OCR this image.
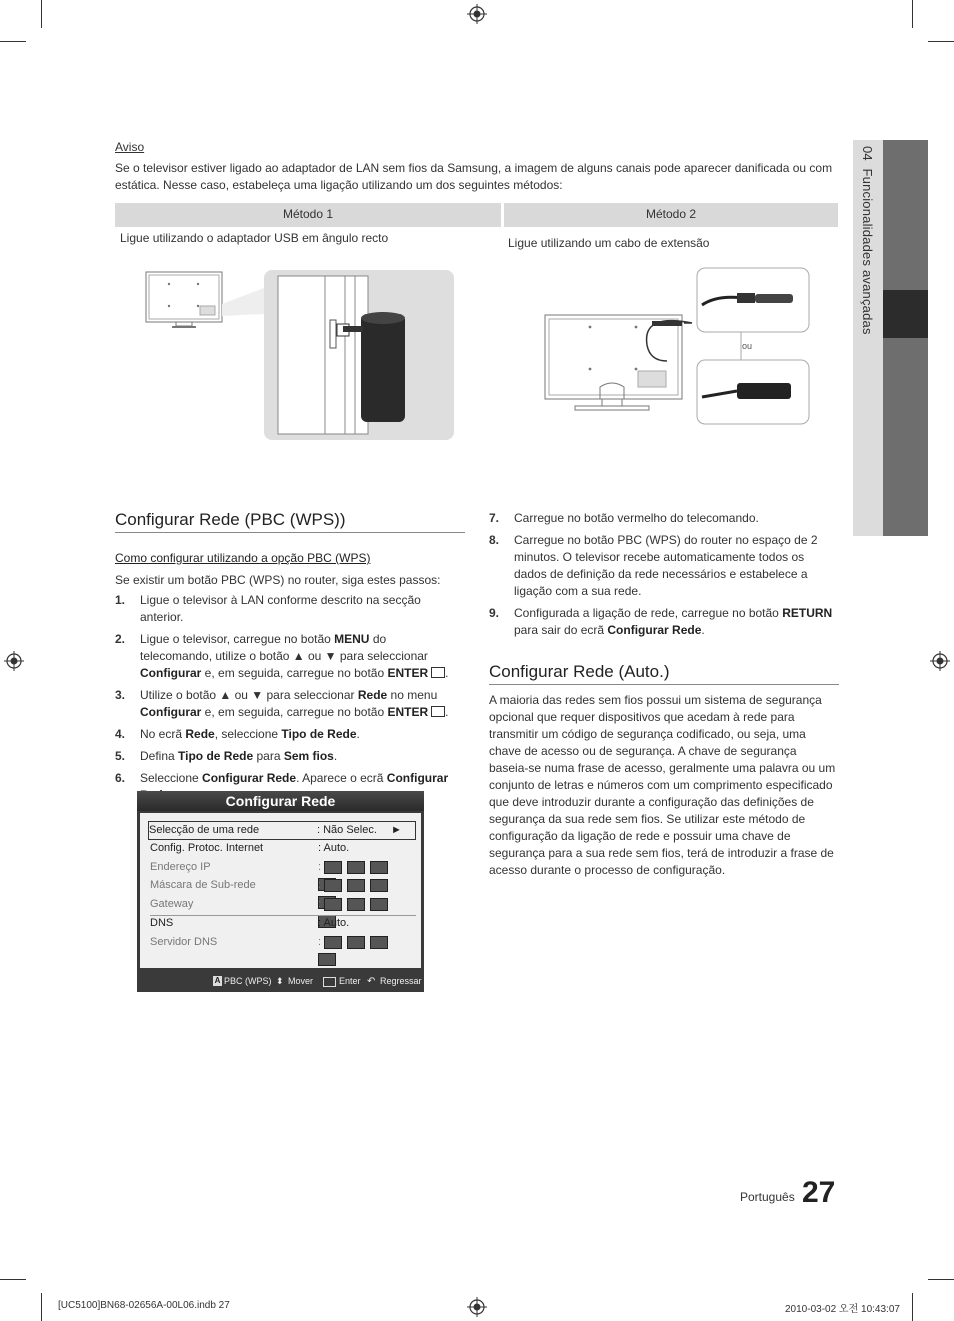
04  Funcionalidades avançadas
Aviso
Se o televisor estiver ligado ao adaptador de LAN sem fios da Samsung, a imagem de alguns canais pode aparecer danificada ou com estática. Nesse caso, estabeleça uma ligação utilizando um dos seguintes métodos:
Método 1	Método 2
Ligue utilizando o adaptador USB em ângulo recto	Ligue utilizando um cabo de extensão
ou
Configurar Rede (PBC (WPS))
Como configurar utilizando a opção PBC (WPS)
Se existir um botão PBC (WPS) no router, siga estes passos:
1. Ligue o televisor à LAN conforme descrito na secção anterior.
2. Ligue o televisor, carregue no botão MENU do telecomando, utilize o botão ▲ ou ▼ para seleccionar Configurar e, em seguida, carregue no botão ENTER .
3. Utilize o botão ▲ ou ▼ para seleccionar Rede no menu Configurar e, em seguida, carregue no botão ENTER .
4. No ecrã Rede, seleccione Tipo de Rede.
5. Defina Tipo de Rede para Sem fios.
6. Seleccione Configurar Rede. Aparece o ecrã Configurar
Configurar Rede
Selecção de uma rede	: Não Selec. ►
Config. Protoc. Internet	: Auto.
Endereço IP	:
Máscara de Sub-rede	:
Gateway	:
DNS	: Auto.
Servidor DNS	:
A PBC (WPS) ⬍ Mover	Enter ↶ Regressar
7. Carregue no botão vermelho do telecomando.
8. Carregue no botão PBC (WPS) do router no espaço de 2 minutos. O televisor recebe automaticamente todos os dados de definição da rede necessários e estabelece a ligação com a sua rede.
9. Configurada a ligação de rede, carregue no botão RETURN para sair do ecrã Configurar Rede.
Configurar Rede (Auto.)
A maioria das redes sem fios possui um sistema de segurança opcional que requer dispositivos que acedam à rede para transmitir um código de segurança codificado, ou seja, uma chave de acesso ou de segurança. A chave de segurança baseia-se numa frase de acesso, geralmente uma palavra ou um conjunto de letras e números com um comprimento especificado que deve introduzir durante a configuração das definições de segurança da sua rede sem fios. Se utilizar este método de configuração da ligação de rede e possuir uma chave de segurança para a sua rede sem fios, terá de introduzir a frase de acesso durante o processo de configuração.
Português 27
[UC5100]BN68-02656A-00L06.indb 27	2010-03-02 오전 10:43:07
